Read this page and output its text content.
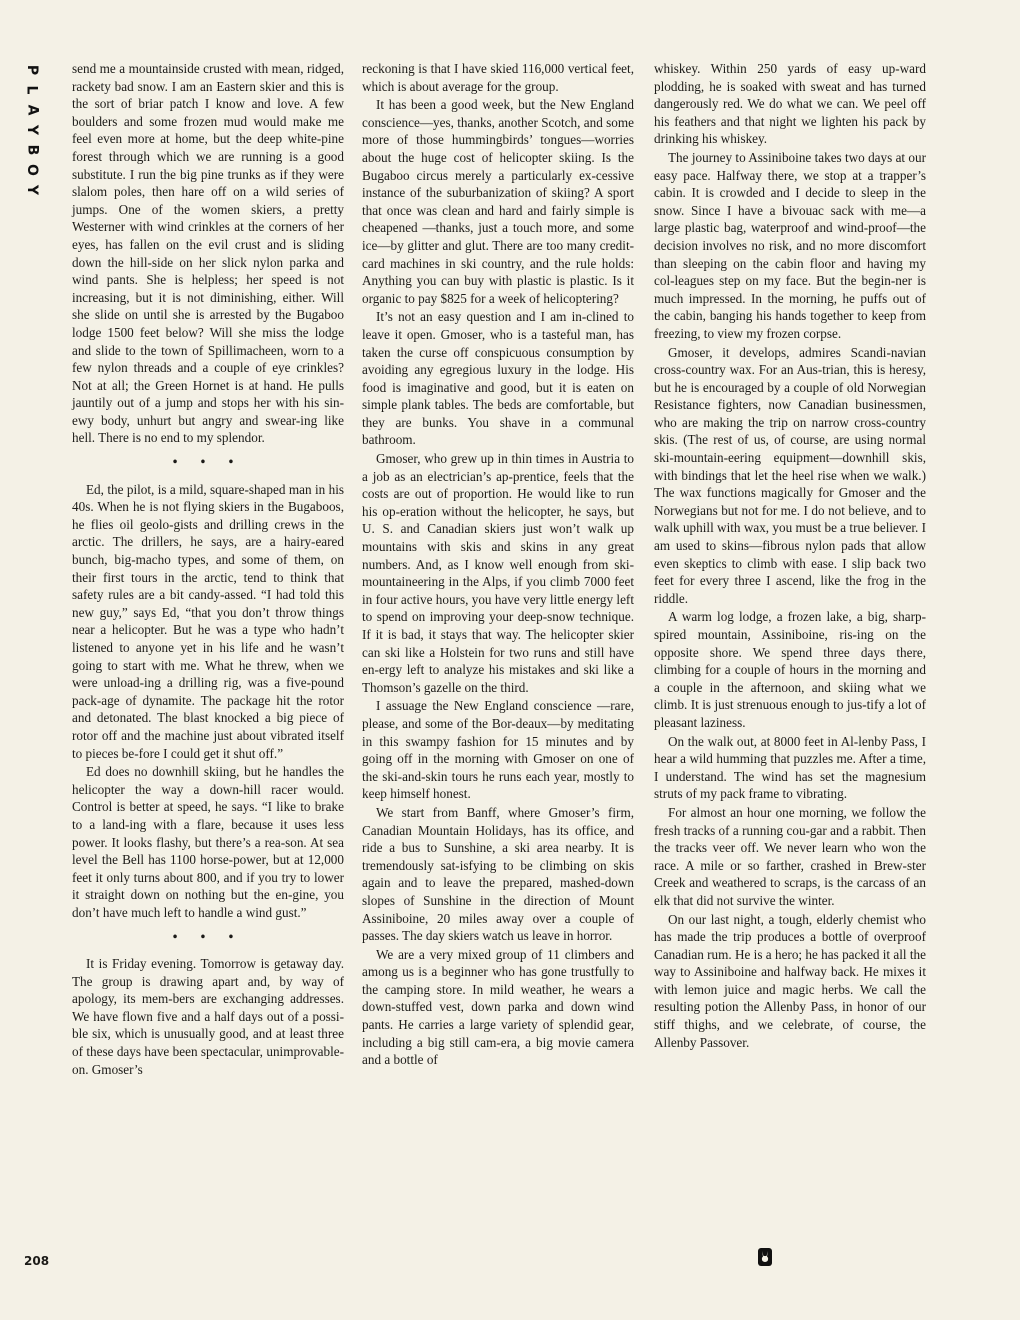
P
L
A
Y
B
O
Y

send me a mountainside crusted with mean, ridged, rackety bad snow. I am an Eastern skier and this is the sort of briar patch I know and love. A few boulders and some frozen mud would make me feel even more at home, but the deep white-pine forest through which we are running is a good substitute. I run the big pine trunks as if they were slalom poles, then hare off on a wild series of jumps. One of the women skiers, a pretty Westerner with wind crinkles at the corners of her eyes, has fallen on the evil crust and is sliding down the hill-side on her slick nylon parka and wind pants. She is helpless; her speed is not increasing, but it is not diminishing, either. Will she slide on until she is arrested by the Bugaboo lodge 1500 feet below? Will she miss the lodge and slide to the town of Spillimacheen, worn to a few nylon threads and a couple of eye crinkles? Not at all; the Green Hornet is at hand. He pulls jauntily out of a jump and stops her with his sin-ewy body, unhurt but angry and swear-ing like hell. There is no end to my splendor.

• • •

Ed, the pilot, is a mild, square-shaped man in his 40s. When he is not flying skiers in the Bugaboos, he flies oil geolo-gists and drilling crews in the arctic. The drillers, he says, are a hairy-eared bunch, big-macho types, and some of them, on their first tours in the arctic, tend to think that safety rules are a bit candy-assed. “I had told this new guy,” says Ed, “that you don’t throw things near a helicopter. But he was a type who hadn’t listened to anyone yet in his life and he wasn’t going to start with me. What he threw, when we were unload-ing a drilling rig, was a five-pound pack-age of dynamite. The package hit the rotor and detonated. The blast knocked a big piece of rotor off and the machine just about vibrated itself to pieces be-fore I could get it shut off.”

Ed does no downhill skiing, but he handles the helicopter the way a down-hill racer would. Control is better at speed, he says. “I like to brake to a land-ing with a flare, because it uses less power. It looks flashy, but there’s a rea-son. At sea level the Bell has 1100 horse-power, but at 12,000 feet it only turns about 800, and if you try to lower it straight down on nothing but the en-gine, you don’t have much left to handle a wind gust.”

• • •

It is Friday evening. Tomorrow is getaway day. The group is drawing apart and, by way of apology, its mem-bers are exchanging addresses. We have flown five and a half days out of a possi-ble six, which is unusually good, and at least three of these days have been spectacular, unimprovable-on. Gmoser’s

reckoning is that I have skied 116,000 vertical feet, which is about average for the group.

It has been a good week, but the New England conscience—yes, thanks, another Scotch, and some more of those hummingbirds’ tongues—worries about the huge cost of helicopter skiing. Is the Bugaboo circus merely a particularly ex-cessive instance of the suburbanization of skiing? A sport that once was clean and hard and fairly simple is cheapened —thanks, just a touch more, and some ice—by glitter and glut. There are too many credit-card machines in ski country, and the rule holds: Anything you can buy with plastic is plastic. Is it organic to pay $825 for a week of helicoptering?

It’s not an easy question and I am in-clined to leave it open. Gmoser, who is a tasteful man, has taken the curse off conspicuous consumption by avoiding any egregious luxury in the lodge. His food is imaginative and good, but it is eaten on simple plank tables. The beds are comfortable, but they are bunks. You shave in a communal bathroom.

Gmoser, who grew up in thin times in Austria to a job as an electrician’s ap-prentice, feels that the costs are out of proportion. He would like to run his op-eration without the helicopter, he says, but U. S. and Canadian skiers just won’t walk up mountains with skis and skins in any great numbers. And, as I know well enough from ski-mountaineering in the Alps, if you climb 7000 feet in four active hours, you have very little energy left to spend on improving your deep-snow technique. If it is bad, it stays that way. The helicopter skier can ski like a Holstein for two runs and still have en-ergy left to analyze his mistakes and ski like a Thomson’s gazelle on the third.

I assuage the New England conscience —rare, please, and some of the Bor-deaux—by meditating in this swampy fashion for 15 minutes and by going off in the morning with Gmoser on one of the ski-and-skin tours he runs each year, mostly to keep himself honest.

We start from Banff, where Gmoser’s firm, Canadian Mountain Holidays, has its office, and ride a bus to Sunshine, a ski area nearby. It is tremendously sat-isfying to be climbing on skis again and to leave the prepared, mashed-down slopes of Sunshine in the direction of Mount Assiniboine, 20 miles away over a couple of passes. The day skiers watch us leave in horror.

We are a very mixed group of 11 climbers and among us is a beginner who has gone trustfully to the camping store. In mild weather, he wears a down-stuffed vest, down parka and down wind pants. He carries a large variety of splendid gear, including a big still cam-era, a big movie camera and a bottle of

whiskey. Within 250 yards of easy up-ward plodding, he is soaked with sweat and has turned dangerously red. We do what we can. We peel off his feathers and that night we lighten his pack by drinking his whiskey.

The journey to Assiniboine takes two days at our easy pace. Halfway there, we stop at a trapper’s cabin. It is crowded and I decide to sleep in the snow. Since I have a bivouac sack with me—a large plastic bag, waterproof and wind-proof—the decision involves no risk, and no more discomfort than sleeping on the cabin floor and having my col-leagues step on my face. But the begin-ner is much impressed. In the morning, he puffs out of the cabin, banging his hands together to keep from freezing, to view my frozen corpse.

Gmoser, it develops, admires Scandi-navian cross-country wax. For an Aus-trian, this is heresy, but he is encouraged by a couple of old Norwegian Resistance fighters, now Canadian businessmen, who are making the trip on narrow cross-country skis. (The rest of us, of course, are using normal ski-mountain-eering equipment—downhill skis, with bindings that let the heel rise when we walk.) The wax functions magically for Gmoser and the Norwegians but not for me. I do not believe, and to walk uphill with wax, you must be a true believer. I am used to skins—fibrous nylon pads that allow even skeptics to climb with ease. I slip back two feet for every three I ascend, like the frog in the riddle.

A warm log lodge, a frozen lake, a big, sharp-spired mountain, Assiniboine, ris-ing on the opposite shore. We spend three days there, climbing for a couple of hours in the morning and a couple in the afternoon, and skiing what we climb. It is just strenuous enough to jus-tify a lot of pleasant laziness.

On the walk out, at 8000 feet in Al-lenby Pass, I hear a wild humming that puzzles me. After a time, I understand. The wind has set the magnesium struts of my pack frame to vibrating.

For almost an hour one morning, we follow the fresh tracks of a running cou-gar and a rabbit. Then the tracks veer off. We never learn who won the race. A mile or so farther, crashed in Brew-ster Creek and weathered to scraps, is the carcass of an elk that did not survive the winter.

On our last night, a tough, elderly chemist who has made the trip produces a bottle of overproof Canadian rum. He is a hero; he has packed it all the way to Assiniboine and halfway back. He mixes it with lemon juice and magic herbs. We call the resulting potion the Allenby Pass, in honor of our stiff thighs, and we celebrate, of course, the Allenby Passover.

208
